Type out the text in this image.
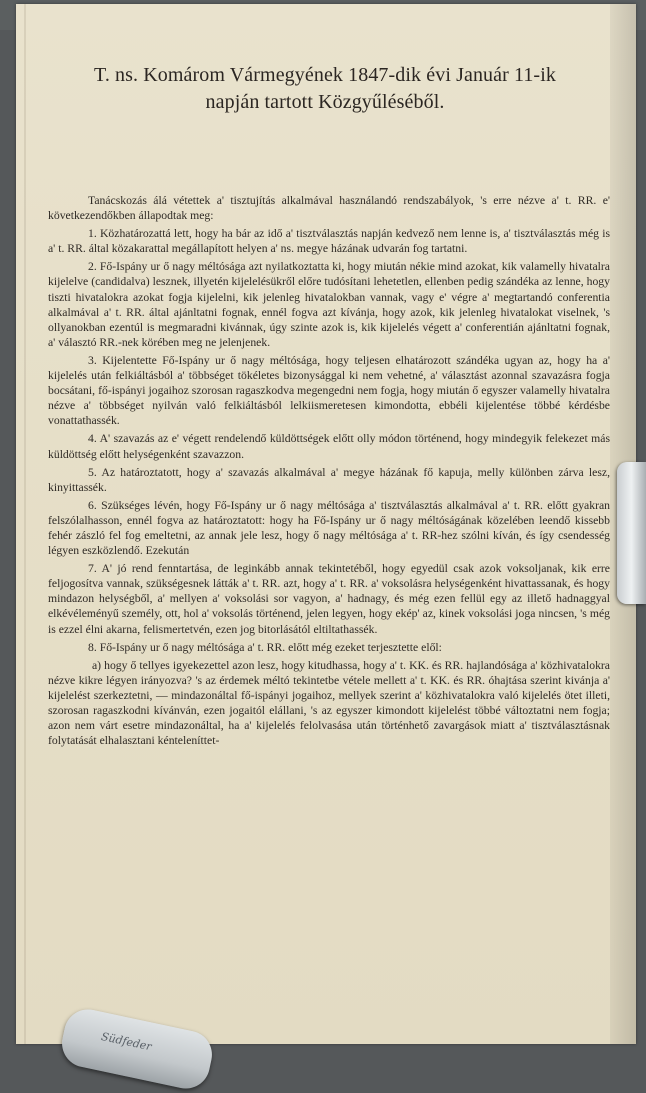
T. ns. Komárom Vármegyének 1847-dik évi Január 11-ik
napján tartott Közgyűléséből.

Tanácskozás álá vétettek a' tisztujítás alkalmával használandó rendszabályok, 's erre nézve a' t. RR. e' következendőkben állapodtak meg:

1. Közhatározattá lett, hogy ha bár az idő a' tisztválasztás napján kedvező nem lenne is, a' tisztválasztás még is a' t. RR. által közakarattal megállapított helyen a' ns. megye házának udvarán fog tartatni.

2. Fő-Ispány ur ő nagy méltósága azt nyilatkoztatta ki, hogy miután nékie mind azokat, kik valamelly hivatalra kijelelve (candidalva) lesznek, illyetén kijelelésükről előre tudósítani lehetetlen, ellenben pedig szándéka az lenne, hogy tiszti hivatalokra azokat fogja kijelelni, kik jelenleg hivatalokban vannak, vagy e' végre a' megtartandó conferentia alkalmával a' t. RR. által ajánltatni fognak, ennél fogva azt kívánja, hogy azok, kik jelenleg hivatalokat viselnek, 's ollyanokban ezentúl is megmaradni kivánnak, úgy szinte azok is, kik kijelelés végett a' conferentián ajánltatni fognak, a' választó RR.-nek körében meg ne jelenjenek.

3. Kijelentette Fő-Ispány ur ő nagy méltósága, hogy teljesen elhatározott szándéka ugyan az, hogy ha a' kijelelés után felkiáltásból a' többséget tökéletes bizonysággal ki nem vehetné, a' választást azonnal szavazásra fogja bocsátani, fő-ispányi jogaihoz szorosan ragaszkodva megengedni nem fogja, hogy miután ő egyszer valamelly hivatalra nézve a' többséget nyilván való felkiáltásból lelkiismeretesen kimondotta, ebbéli kijelentése többé kérdésbe vonattathassék.

4. A' szavazás az e' végett rendelendő küldöttségek előtt olly módon történend, hogy mindegyik felekezet más küldöttség előtt helységenként szavazzon.

5. Az határoztatott, hogy a' szavazás alkalmával a' megye házának fő kapuja, melly különben zárva lesz, kinyittassék.

6. Szükséges lévén, hogy Fő-Ispány ur ő nagy méltósága a' tisztválasztás alkalmával a' t. RR. előtt gyakran felszólalhasson, ennél fogva az határoztatott: hogy ha Fő-Ispány ur ő nagy méltóságának közelében leendő kissebb fehér zászló fel fog emeltetni, az annak jele lesz, hogy ő nagy méltósága a' t. RR-hez szólni kíván, és így csendesség légyen eszközlendő. Ezekután

7. A' jó rend fenntartása, de leginkább annak tekintetéből, hogy egyedül csak azok voksoljanak, kik erre feljogosítva vannak, szükségesnek látták a' t. RR. azt, hogy a' t. RR. a' voksolásra helységenként hivattassanak, és hogy mindazon helységből, a' mellyen a' voksolási sor vagyon, a' hadnagy, és még ezen fellül egy az illető hadnaggyal elkévéleményű személy, ott, hol a' voksolás történend, jelen legyen, hogy ekép' az, kinek voksolási joga nincsen, 's még is ezzel élni akarna, felismertetvén, ezen jog bitorlásától eltiltathassék.

8. Fő-Ispány ur ő nagy méltósága a' t. RR. előtt még ezeket terjesztette elől:

a) hogy ő tellyes igyekezettel azon lesz, hogy kitudhassa, hogy a' t. KK. és RR. hajlandósága a' közhivatalokra nézve kikre légyen irányozva? 's az érdemek méltó tekintetbe vétele mellett a' t. KK. és RR. óhajtása szerint kivánja a' kijelelést szerkeztetni, — mindazonáltal fő-ispányi jogaihoz, mellyek szerint a' közhivatalokra való kijelelés ötet illeti, szorosan ragaszkodni kívánván, ezen jogaitól elállani, 's az egyszer kimondott kijelelést többé változtatni nem fogja; azon nem várt esetre mindazonáltal, ha a' kijelelés felolvasása után történhető zavargások miatt a' tisztválasztásnak folytatását elhalasztani kénteleníttet-

Südfeder
